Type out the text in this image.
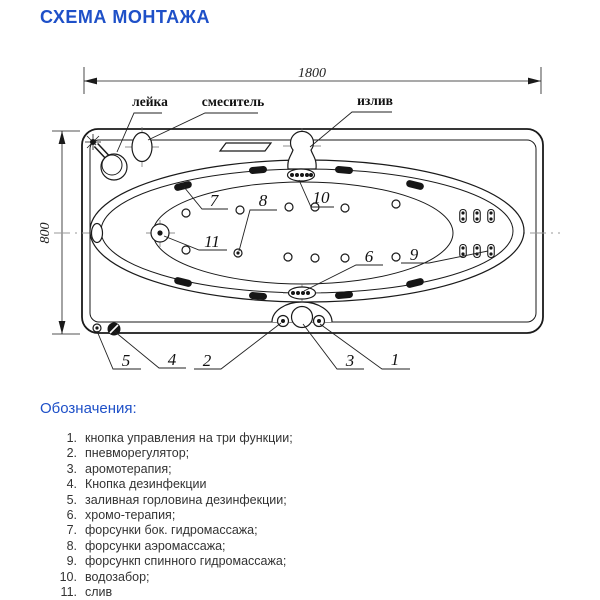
СХЕМА МОНТАЖА
1800
800
лейка	смеситель	излив
7 8	10
11
6 9
5 4 2	3 1
Обозначения:
1. кнопка управления на три функции;
2. пневморегулятор;
3. аромотерапия;
4. Кнопка дезинфекции
5. заливная горловина дезинфекции;
6. хромо-терапия;
7. форсунки бок. гидромассажа;
8. форсунки аэромассажа;
9. форсункп спинного гидромассажа;
10. водозабор;
11. слив
